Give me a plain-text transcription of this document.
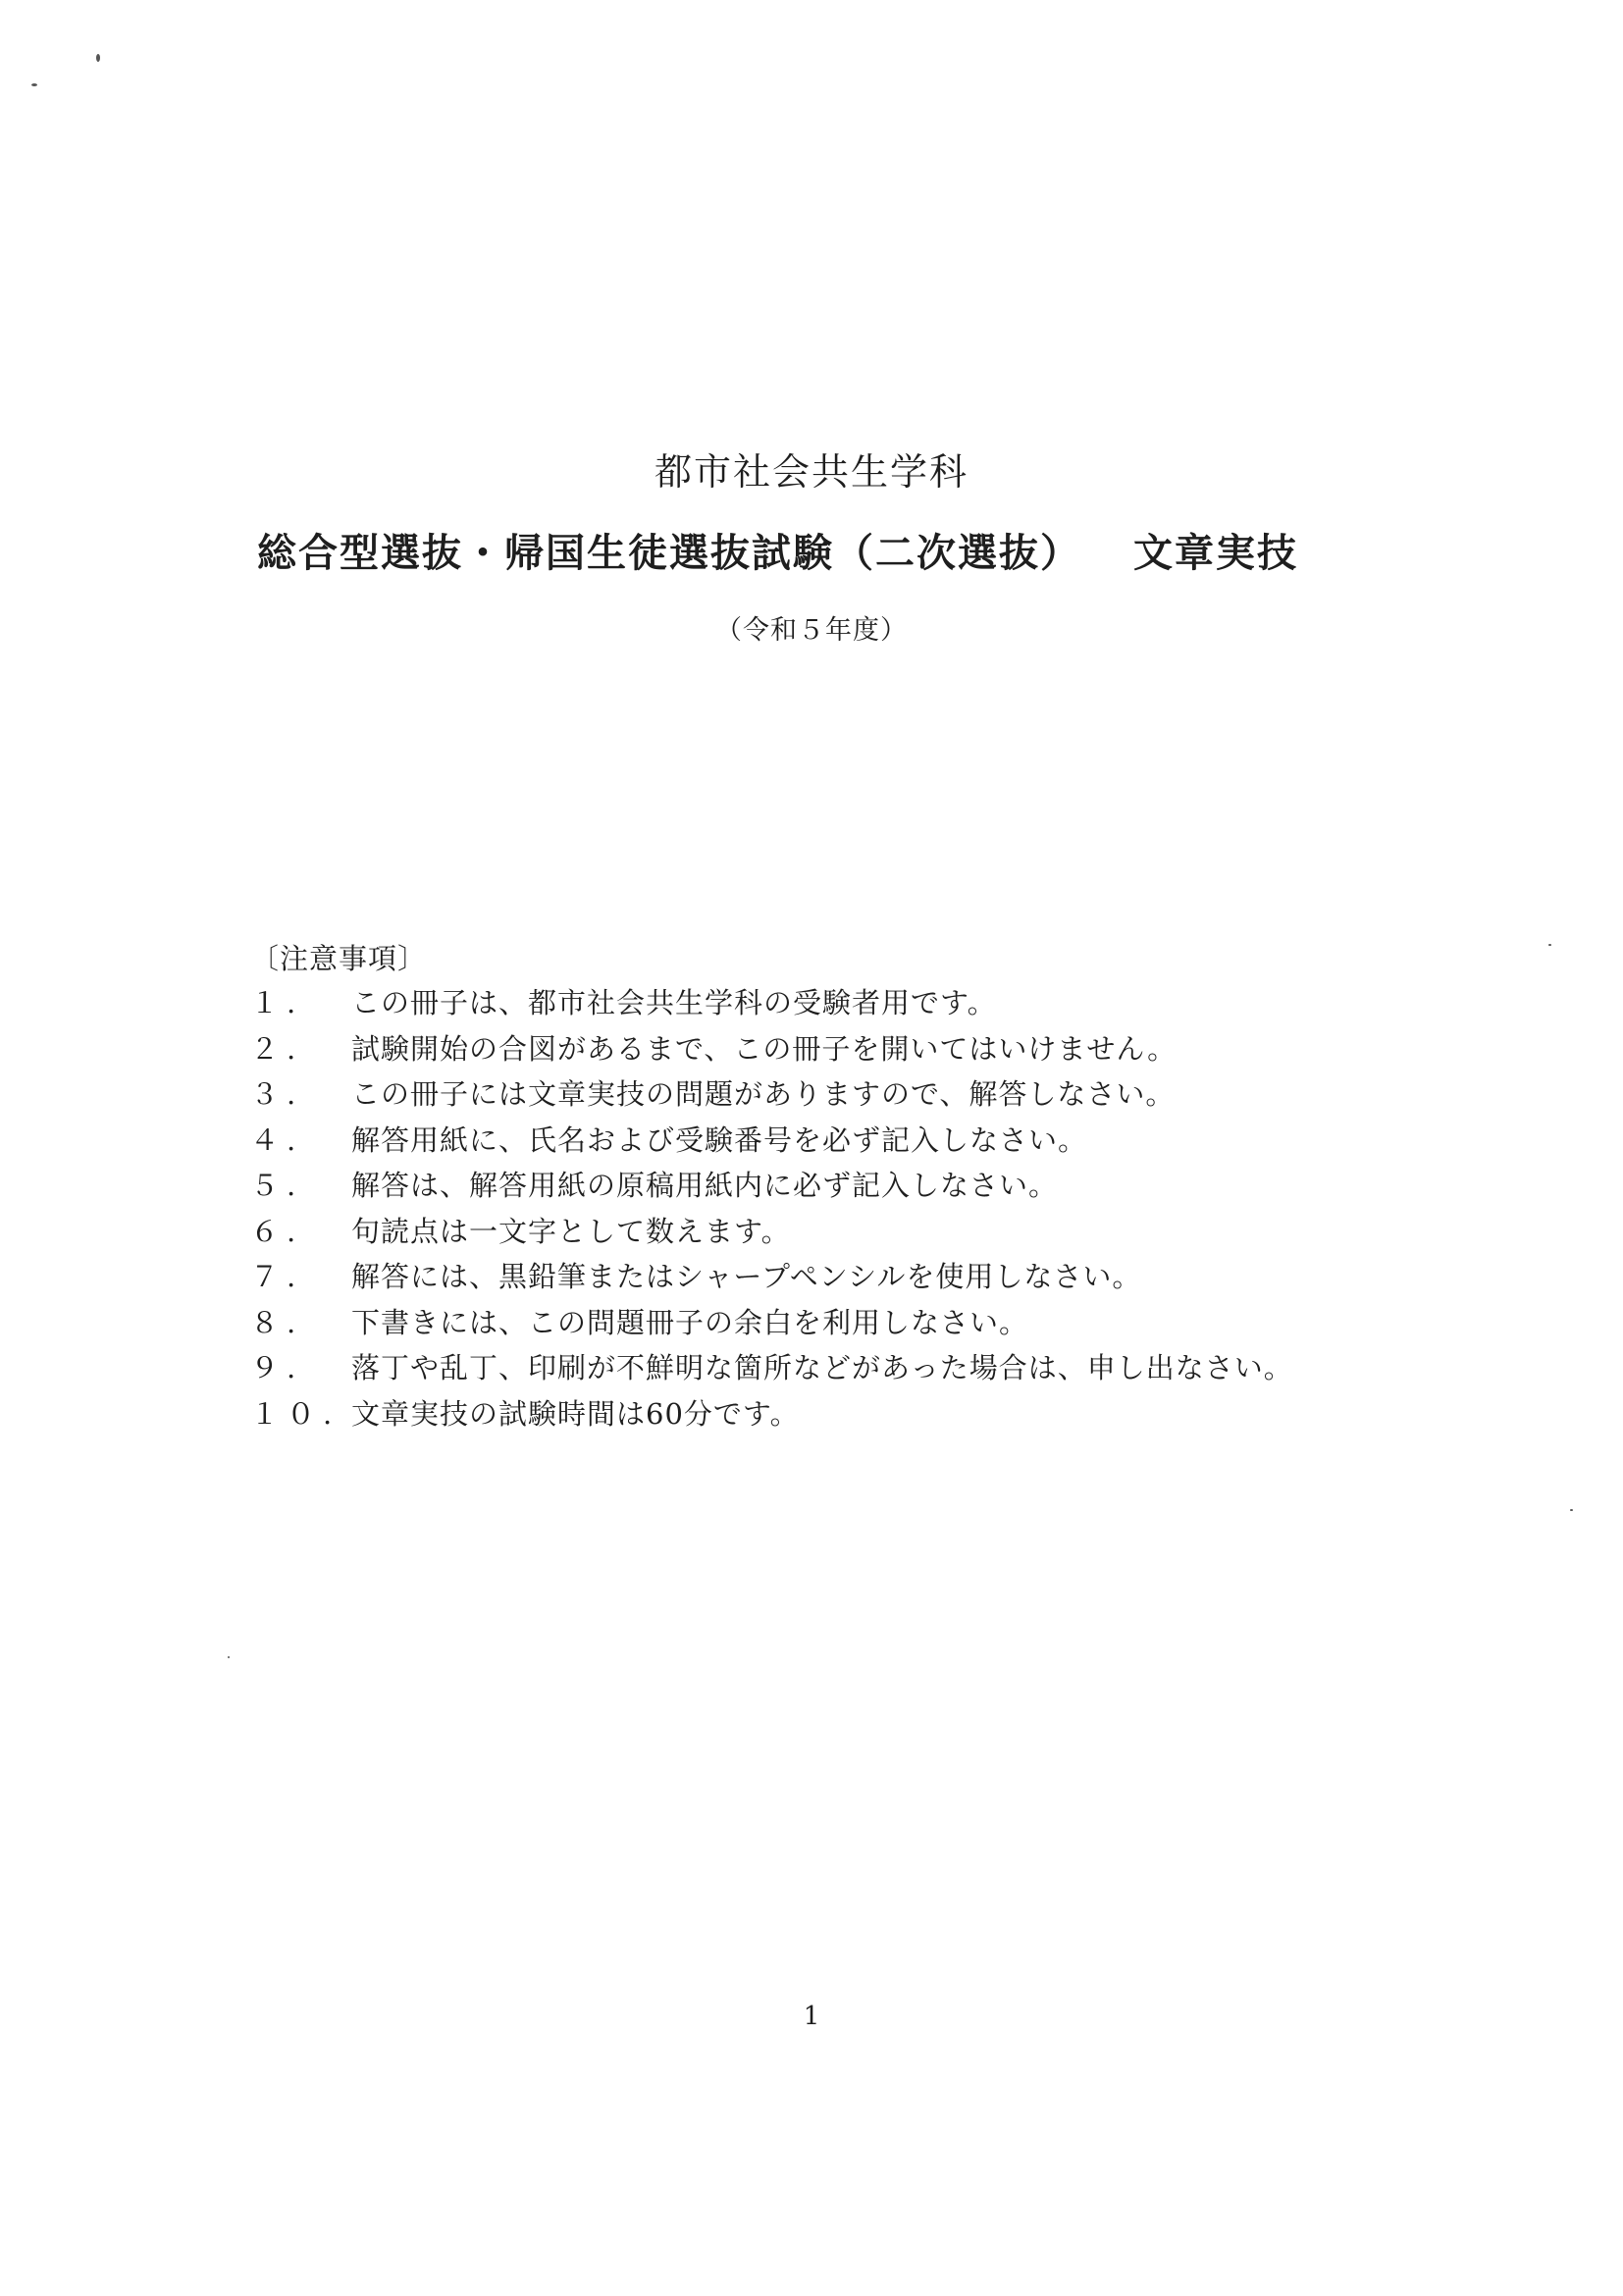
都市社会共生学科
総合型選抜・帰国生徒選抜試験（二次選抜） 文章実技
（令和５年度）
〔注意事項〕
１.	この冊子は、都市社会共生学科の受験者用です。
２.	試験開始の合図があるまで、この冊子を開いてはいけません。
３.	この冊子には文章実技の問題がありますので、解答しなさい。
４.	解答用紙に、氏名および受験番号を必ず記入しなさい。
５.	解答は、解答用紙の原稿用紙内に必ず記入しなさい。
６.	句読点は一文字として数えます。
７.	解答には、黒鉛筆またはシャープペンシルを使用しなさい。
８.	下書きには、この問題冊子の余白を利用しなさい。
９.	落丁や乱丁、印刷が不鮮明な箇所などがあった場合は、申し出なさい。
１０. 文章実技の試験時間は60分です。
1
